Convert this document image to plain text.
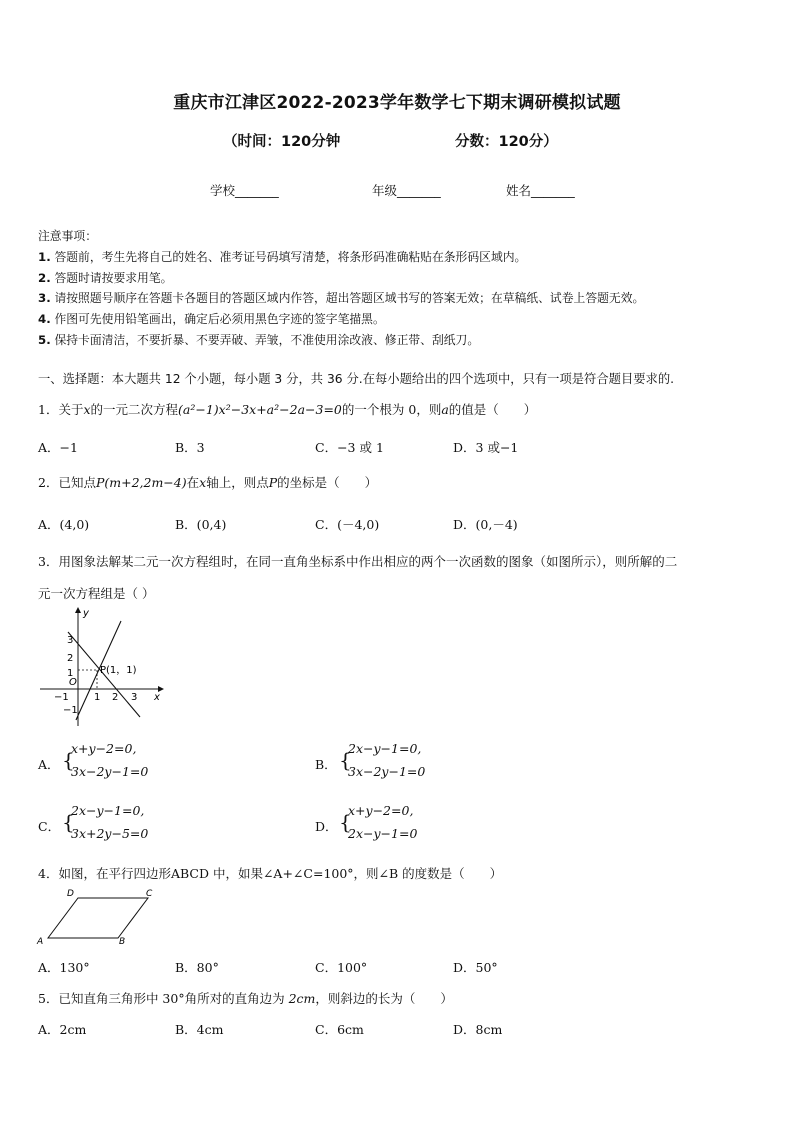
重庆市江津区2022-2023学年数学七下期末调研模拟试题
（时间：120分钟	分数：120分）
学校_______	年级_______	姓名_______
注意事项：
1. 答题前，考生先将自己的姓名、准考证号码填写清楚，将条形码准确粘贴在条形码区域内。
2. 答题时请按要求用笔。
3. 请按照题号顺序在答题卡各题目的答题区域内作答，超出答题区域书写的答案无效；在草稿纸、试卷上答题无效。
4. 作图可先使用铅笔画出，确定后必须用黑色字迹的签字笔描黑。
5. 保持卡面清洁，不要折暴、不要弄破、弄皱，不准使用涂改液、修正带、刮纸刀。
一、选择题：本大题共 12 个小题，每小题 3 分，共 36 分.在每小题给出的四个选项中，只有一项是符合题目要求的.
1．关于x的一元二次方程(a²−1)x²−3x+a²−2a−3=0的一个根为 0，则a的值是（　　）
A．−1	B．3	C．−3 或 1	D．3 或−1
2．已知点P(m+2,2m−4)在x轴上，则点P的坐标是（　　）
A．(4,0)	B．(0,4)	C．(－4,0)	D．(0,－4)
3．用图象法解某二元一次方程组时，在同一直角坐标系中作出相应的两个一次函数的图象（如图所示），则所解的二
元一次方程组是（ ）
y
x
O
P(1，1)
−1	1 2 3
3
2
1
−1
A． {
x+y−2=0,
3x−2y−1=0	B． {
2x−y−1=0,
3x−2y−1=0
C． {
2x−y−1=0,
3x+2y−5=0	D． {
x+y−2=0,
2x−y−1=0
4．如图，在平行四边形ABCD 中，如果∠A+∠C=100°，则∠B 的度数是（　　）
A	B
C
D
A．130°	B．80°	C．100°	D．50°
5．已知直角三角形中 30°角所对的直角边为 2cm，则斜边的长为（　　）
A．2cm	B．4cm	C．6cm	D．8cm
